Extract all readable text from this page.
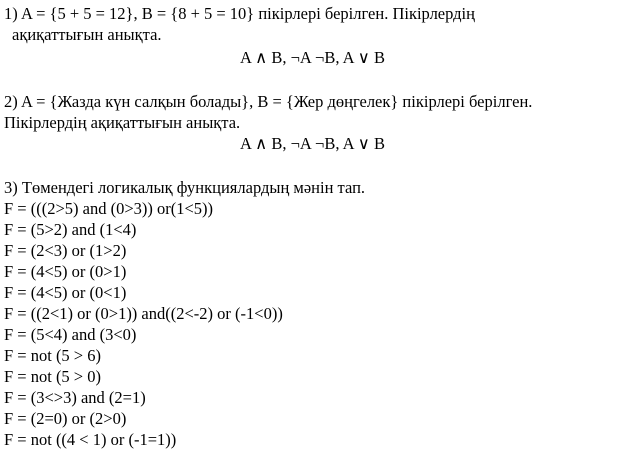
1) A = {5 + 5 = 12}, B = {8 + 5 = 10} пікірлері берілген. Пікірлердің
ақиқаттығын анықта.
A ∧ B, ¬A ¬B, A ∨ B
2) A = {Жазда күн салқын болады}, B = {Жер дөңгелек} пікірлері берілген.
Пікірлердің ақиқаттығын анықта.
A ∧ B, ¬A ¬B, A ∨ B
3) Төмендегі логикалық функциялардың мәнін тап.
F = (((2>5) and (0>3)) or(1<5))
F = (5>2) and (1<4)
F = (2<3) or (1>2)
F = (4<5) or (0>1)
F = (4<5) or (0<1)
F = ((2<1) or (0>1)) and((2<-2) or (-1<0))
F = (5<4) and (3<0)
F = not (5 > 6)
F = not (5 > 0)
F = (3<>3) and (2=1)
F = (2=0) or (2>0)
F = not ((4 < 1) or (-1=1))
